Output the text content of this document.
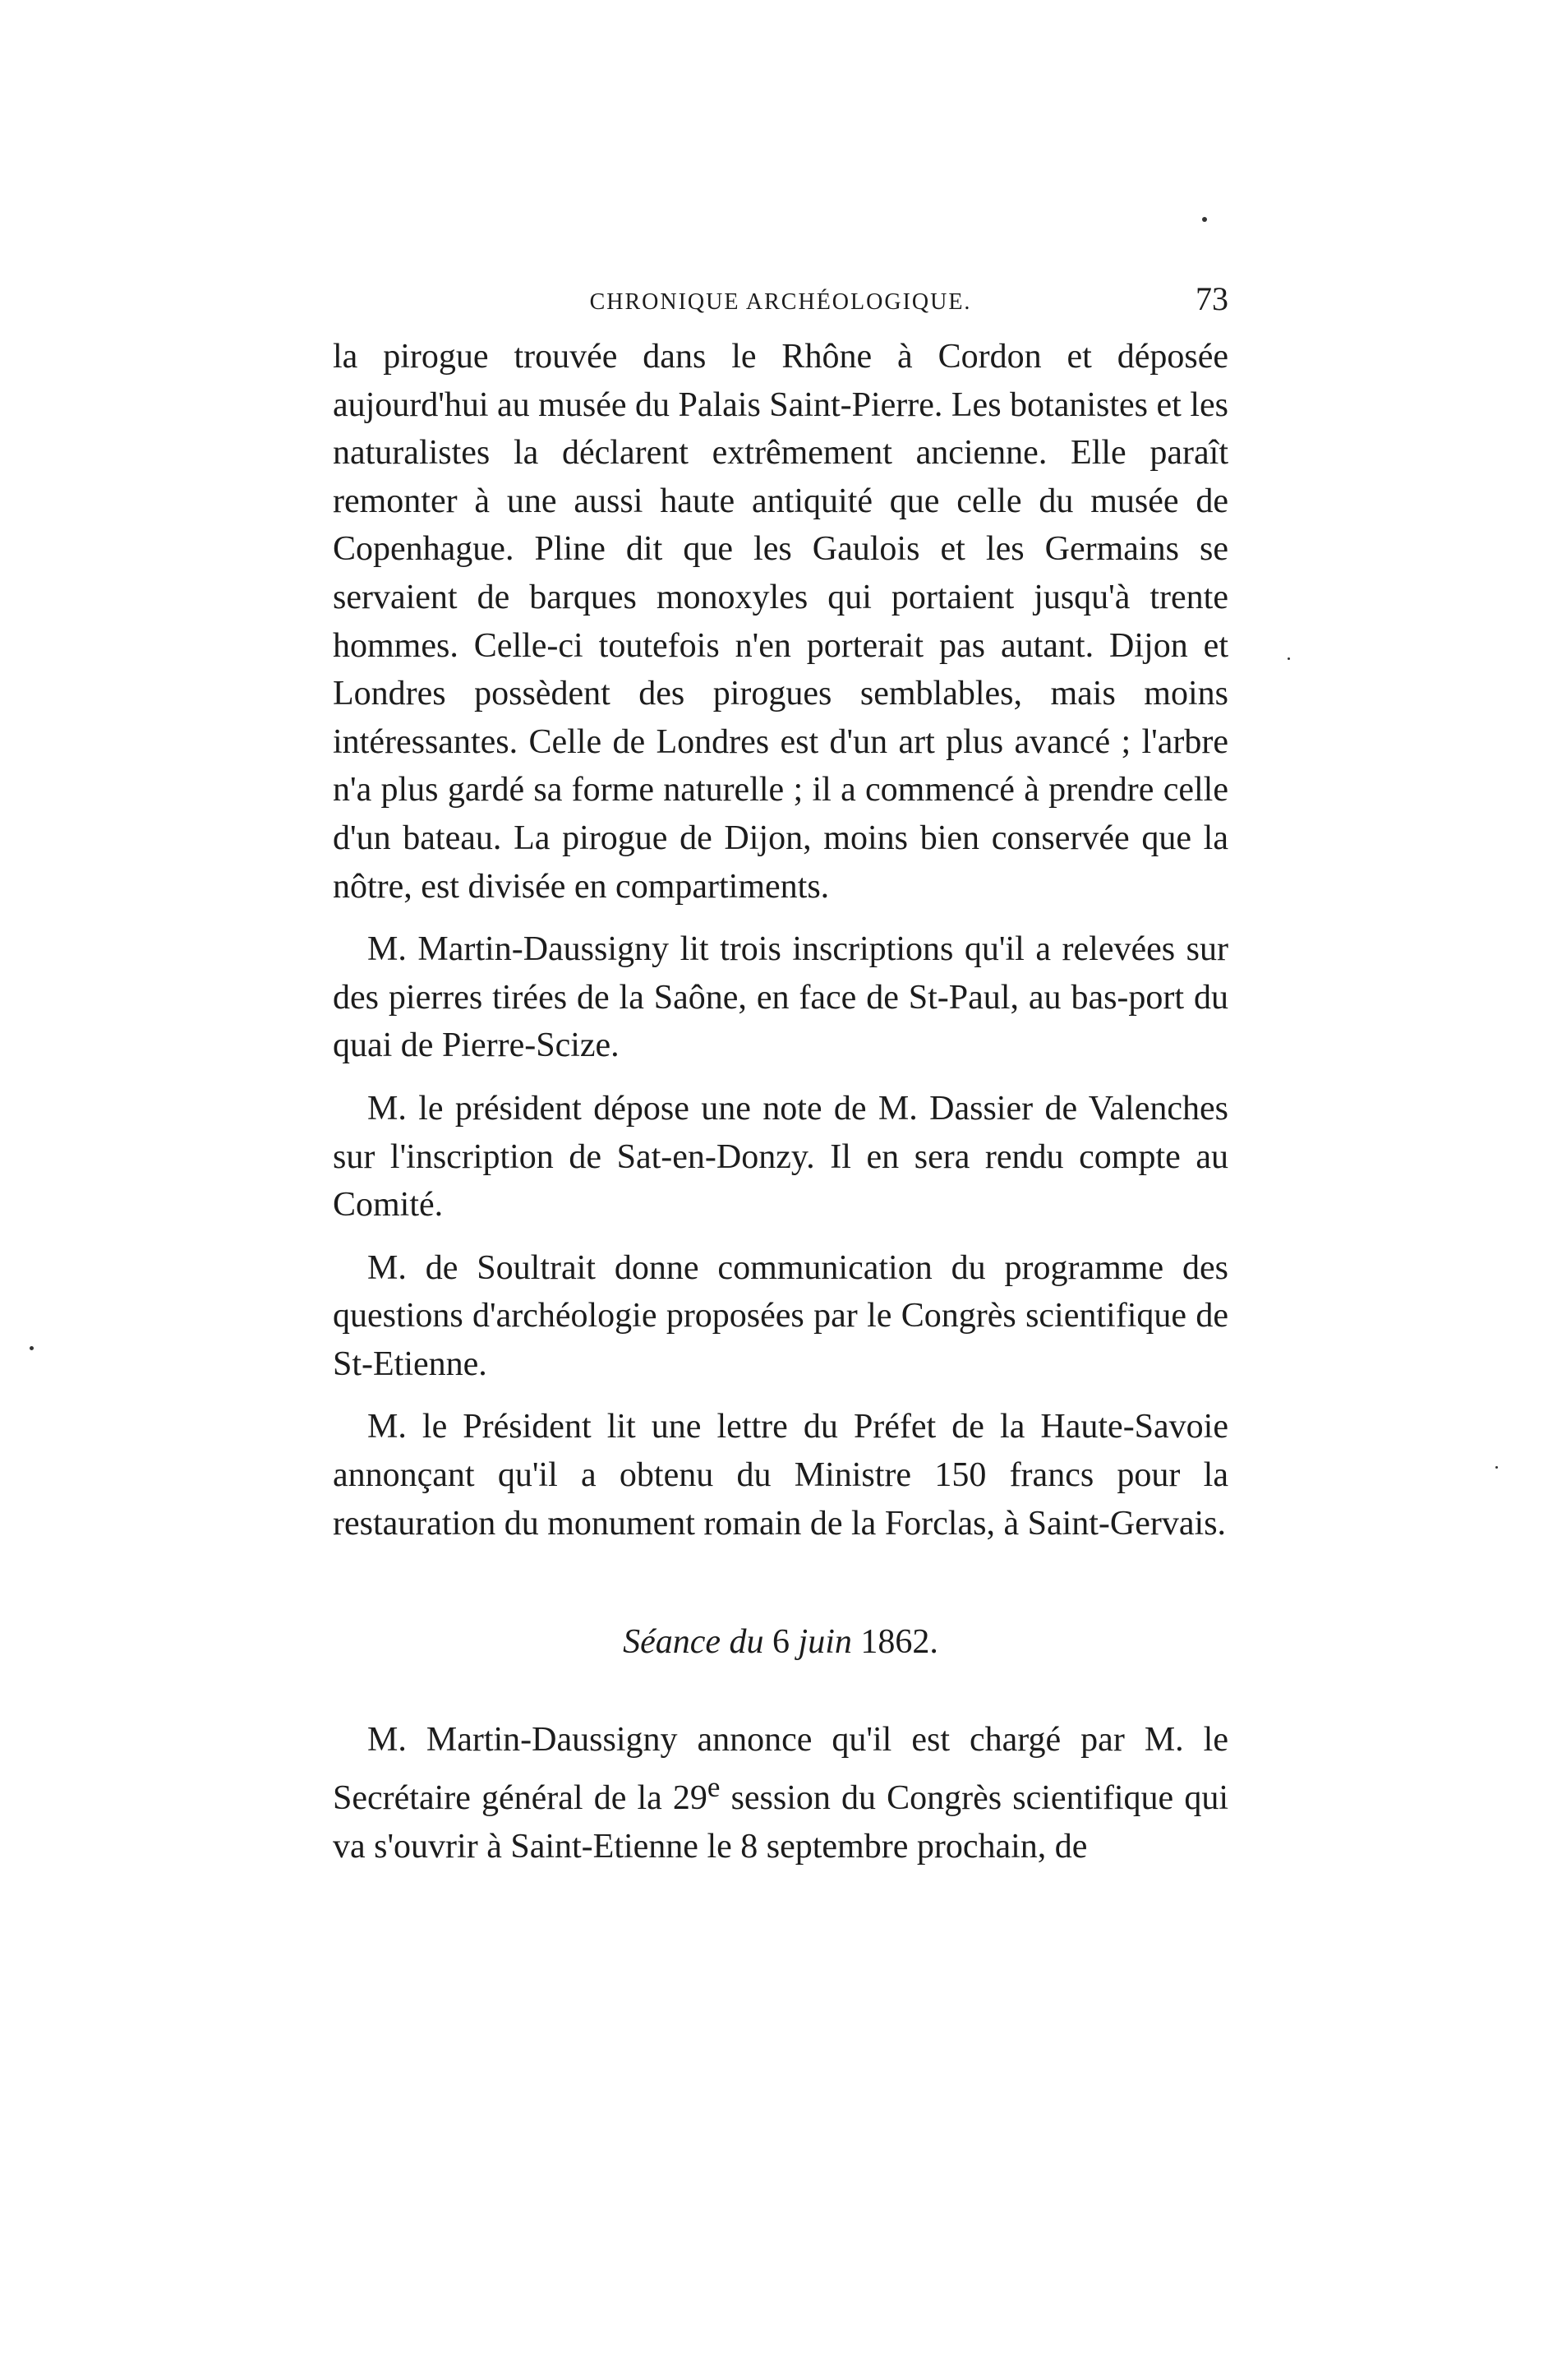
CHRONIQUE ARCHÉOLOGIQUE.	73

la pirogue trouvée dans le Rhône à Cordon et déposée aujourd'hui au musée du Palais Saint-Pierre. Les botanistes et les naturalistes la déclarent extrêmement ancienne. Elle paraît remonter à une aussi haute antiquité que celle du musée de Copenhague. Pline dit que les Gaulois et les Germains se servaient de barques monoxyles qui portaient jusqu'à trente hommes. Celle-ci toutefois n'en porterait pas autant. Dijon et Londres possèdent des pirogues semblables, mais moins intéressantes. Celle de Londres est d'un art plus avancé ; l'arbre n'a plus gardé sa forme naturelle ; il a commencé à prendre celle d'un bateau. La pirogue de Dijon, moins bien conservée que la nôtre, est divisée en compartiments.

M. Martin-Daussigny lit trois inscriptions qu'il a relevées sur des pierres tirées de la Saône, en face de St-Paul, au bas-port du quai de Pierre-Scize.

M. le président dépose une note de M. Dassier de Valenches sur l'inscription de Sat-en-Donzy. Il en sera rendu compte au Comité.

M. de Soultrait donne communication du programme des questions d'archéologie proposées par le Congrès scientifique de St-Etienne.

M. le Président lit une lettre du Préfet de la Haute-Savoie annonçant qu'il a obtenu du Ministre 150 francs pour la restauration du monument romain de la Forclas, à Saint-Gervais.

Séance du 6 juin 1862.

M. Martin-Daussigny annonce qu'il est chargé par M. le Secrétaire général de la 29e session du Congrès scientifique qui va s'ouvrir à Saint-Etienne le 8 septembre prochain, de
